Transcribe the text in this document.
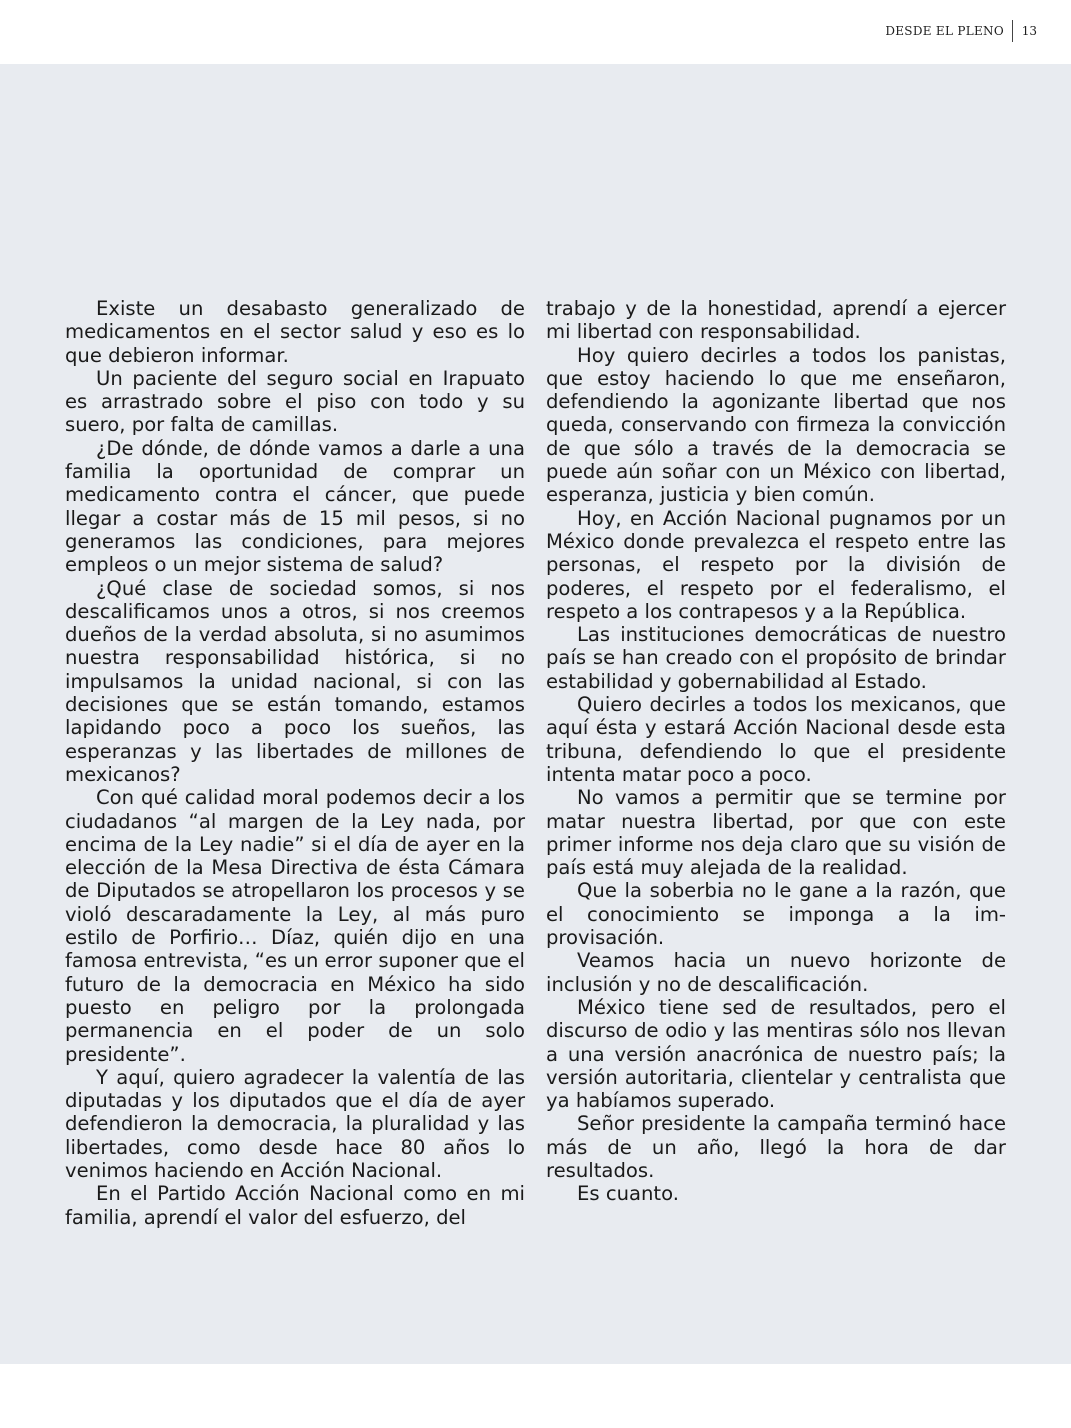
DESDE EL PLENO 13

Existe un desabasto generalizado de medicamentos en el sector salud y eso es lo que debieron informar.

Un paciente del seguro social en Irapuato es arrastrado sobre el piso con todo y su suero, por falta de camillas.

¿De dónde, de dónde vamos a darle a una familia la oportunidad de comprar un medicamento contra el cáncer, que puede llegar a costar más de 15 mil pesos, si no generamos las condiciones, para mejores empleos o un mejor sistema de salud?

¿Qué clase de sociedad somos, si nos descalificamos unos a otros, si nos creemos dueños de la verdad absoluta, si no asumimos nuestra responsabilidad histórica, si no impulsamos la unidad nacional, si con las decisiones que se están tomando, estamos lapidando poco a poco los sueños, las esperanzas y las libertades de millones de mexicanos?

Con qué calidad moral podemos decir a los ciudadanos “al margen de la Ley nada, por encima de la Ley nadie” si el día de ayer en la elección de la Mesa Directiva de ésta Cámara de Diputados se atropellaron los procesos y se violó descaradamente la Ley, al más puro estilo de Porfirio… Díaz, quién dijo en una famosa entrevista, “es un error suponer que el futuro de la democracia en México ha sido puesto en peligro por la prolongada permanencia en el poder de un solo presidente”.

Y aquí, quiero agradecer la valentía de las diputadas y los diputados que el día de ayer defendieron la democracia, la pluralidad y las libertades, como desde hace 80 años lo venimos haciendo en Acción Nacional.

En el Partido Acción Nacional como en mi familia, aprendí el valor del esfuerzo, del

trabajo y de la honestidad, aprendí a ejercer mi libertad con responsabilidad.

Hoy quiero decirles a todos los panistas, que estoy haciendo lo que me enseñaron, defendiendo la agonizante libertad que nos queda, conservando con firmeza la convicción de que sólo a través de la democracia se puede aún soñar con un México con libertad, esperanza, justicia y bien común.

Hoy, en Acción Nacional pugnamos por un México donde prevalezca el respeto entre las personas, el respeto por la división de poderes, el respeto por el federalismo, el respeto a los contrapesos y a la República.

Las instituciones democráticas de nuestro país se han creado con el propósito de brindar estabilidad y gobernabilidad al Estado.

Quiero decirles a todos los mexicanos, que aquí ésta y estará Acción Nacional desde esta tribuna, defendiendo lo que el presidente intenta matar poco a poco.

No vamos a permitir que se termine por matar nuestra libertad, por que con este primer informe nos deja claro que su visión de país está muy alejada de la realidad.

Que la soberbia no le gane a la razón, que el conocimiento se imponga a la improvisación.

Veamos hacia un nuevo horizonte de inclusión y no de descalificación.

México tiene sed de resultados, pero el discurso de odio y las mentiras sólo nos llevan a una versión anacrónica de nuestro país; la versión autoritaria, clientelar y centralista que ya habíamos superado.

Señor presidente la campaña terminó hace más de un año, llegó la hora de dar resultados.

Es cuanto.
